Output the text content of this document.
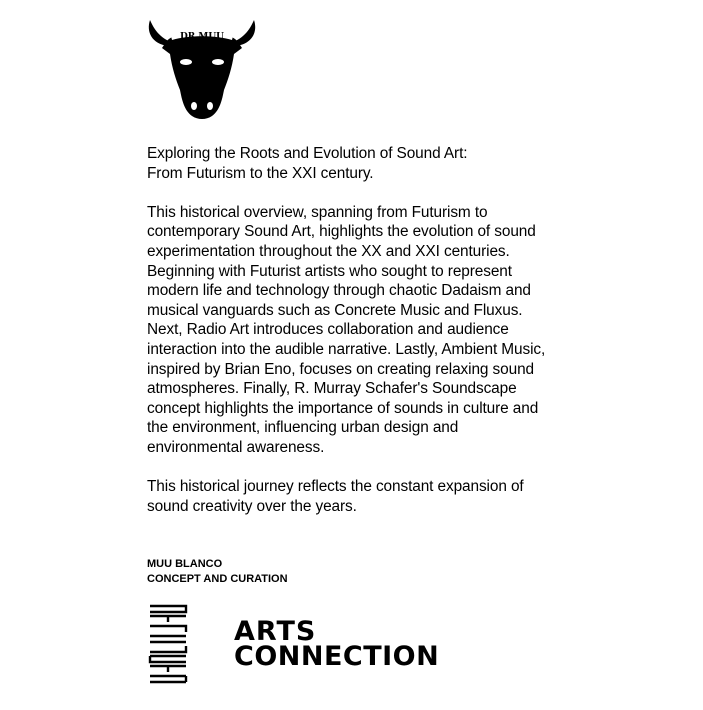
DR.MUU

Exploring the Roots and Evolution of Sound Art:
From Futurism to the XXI century.

This historical overview, spanning from Futurism to contemporary Sound Art, highlights the evolution of sound experimentation throughout the XX and XXI centuries. Beginning with Futurist artists who sought to represent modern life and technology through chaotic Dadaism and musical vanguards such as Concrete Music and Fluxus. Next, Radio Art introduces collaboration and audience interaction into the audible narrative. Lastly, Ambient Music, inspired by Brian Eno, focuses on creating relaxing sound atmospheres. Finally, R. Murray Schafer's Soundscape concept highlights the importance of sounds in culture and the environment, influencing urban design and environmental awareness.

This historical journey reflects the constant expansion of sound creativity over the years.

MUU BLANCO
CONCEPT AND CURATION
ARTS
CONNECTION
